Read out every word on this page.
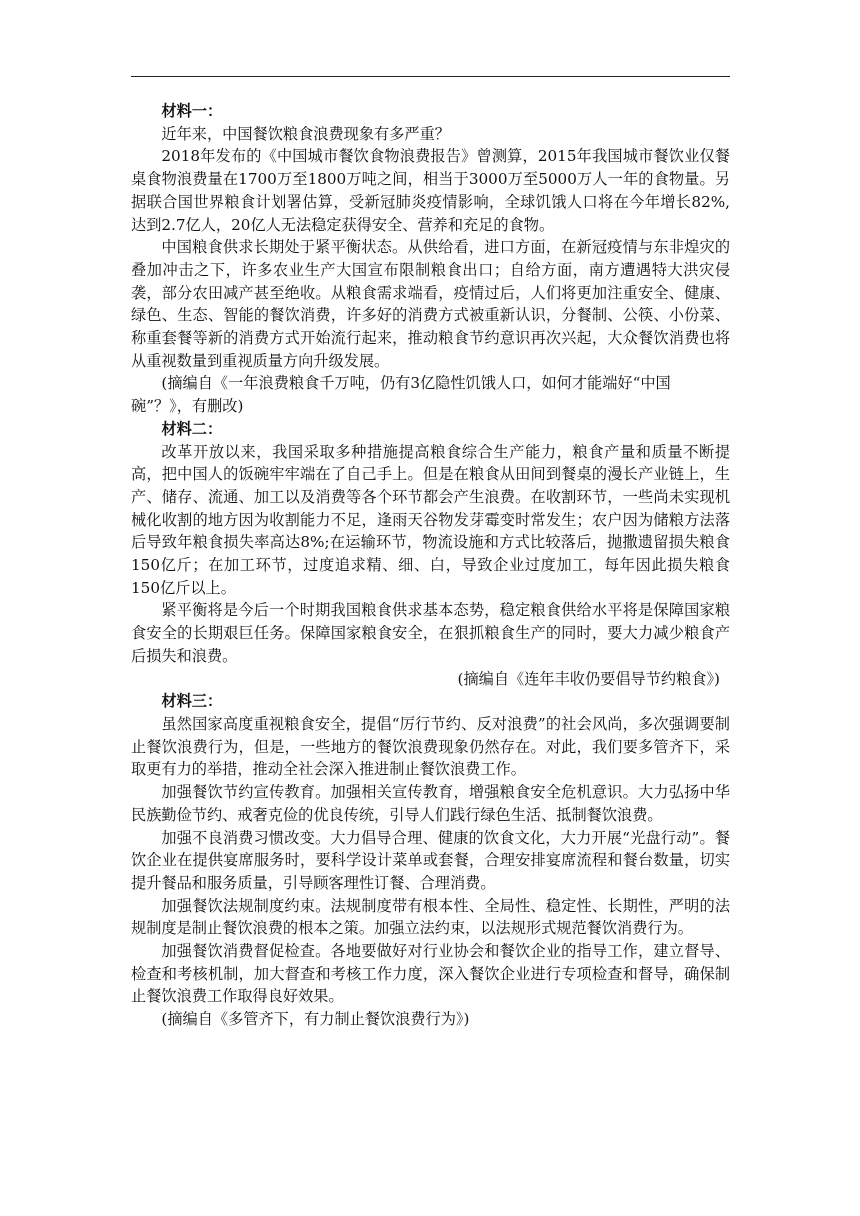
材料一：

近年来，中国餐饮粮食浪费现象有多严重？

2018年发布的《中国城市餐饮食物浪费报告》曾测算，2015年我国城市餐饮业仅餐桌食物浪费量在1700万至1800万吨之间，相当于3000万至5000万人一年的食物量。另据联合国世界粮食计划署估算，受新冠肺炎疫情影响，全球饥饿人口将在今年增长82%,达到2.7亿人，20亿人无法稳定获得安全、营养和充足的食物。

中国粮食供求长期处于紧平衡状态。从供给看，进口方面，在新冠疫情与东非煌灾的叠加冲击之下，许多农业生产大国宣布限制粮食出口；自给方面，南方遭遇特大洪灾侵袭，部分农田减产甚至绝收。从粮食需求端看，疫情过后，人们将更加注重安全、健康、绿色、生态、智能的餐饮消费，许多好的消费方式被重新认识，分餐制、公筷、小份菜、称重套餐等新的消费方式开始流行起来，推动粮食节约意识再次兴起，大众餐饮消费也将从重视数量到重视质量方向升级发展。

(摘编自《一年浪费粮食千万吨，仍有3亿隐性饥饿人口，如何才能端好“中国碗”？》，有删改)

材料二：

改革开放以来，我国采取多种措施提高粮食综合生产能力，粮食产量和质量不断提高，把中国人的饭碗牢牢端在了自己手上。但是在粮食从田间到餐桌的漫长产业链上，生产、储存、流通、加工以及消费等各个环节都会产生浪费。在收割环节，一些尚未实现机械化收割的地方因为收割能力不足，逢雨天谷物发芽霉变时常发生；农户因为储粮方法落后导致年粮食损失率高达8%;在运输环节，物流设施和方式比较落后，抛撒遗留损失粮食150亿斤；在加工环节，过度追求精、细、白，导致企业过度加工，每年因此损失粮食150亿斤以上。

紧平衡将是今后一个时期我国粮食供求基本态势，稳定粮食供给水平将是保障国家粮食安全的长期艰巨任务。保障国家粮食安全，在狠抓粮食生产的同时，要大力减少粮食产后损失和浪费。

(摘编自《连年丰收仍要倡导节约粮食》)

材料三：

虽然国家高度重视粮食安全，提倡“厉行节约、反对浪费”的社会风尚，多次强调要制止餐饮浪费行为，但是，一些地方的餐饮浪费现象仍然存在。对此，我们要多管齐下，采取更有力的举措，推动全社会深入推进制止餐饮浪费工作。

加强餐饮节约宣传教育。加强相关宣传教育，增强粮食安全危机意识。大力弘扬中华民族勤俭节约、戒奢克俭的优良传统，引导人们践行绿色生活、抵制餐饮浪费。

加强不良消费习惯改变。大力倡导合理、健康的饮食文化，大力开展“光盘行动”。餐饮企业在提供宴席服务时，要科学设计菜单或套餐，合理安排宴席流程和餐台数量，切实提升餐品和服务质量，引导顾客理性订餐、合理消费。

加强餐饮法规制度约束。法规制度带有根本性、全局性、稳定性、长期性，严明的法规制度是制止餐饮浪费的根本之策。加强立法约束，以法规形式规范餐饮消费行为。

加强餐饮消费督促检查。各地要做好对行业协会和餐饮企业的指导工作，建立督导、检查和考核机制，加大督查和考核工作力度，深入餐饮企业进行专项检查和督导，确保制止餐饮浪费工作取得良好效果。

(摘编自《多管齐下，有力制止餐饮浪费行为》)
